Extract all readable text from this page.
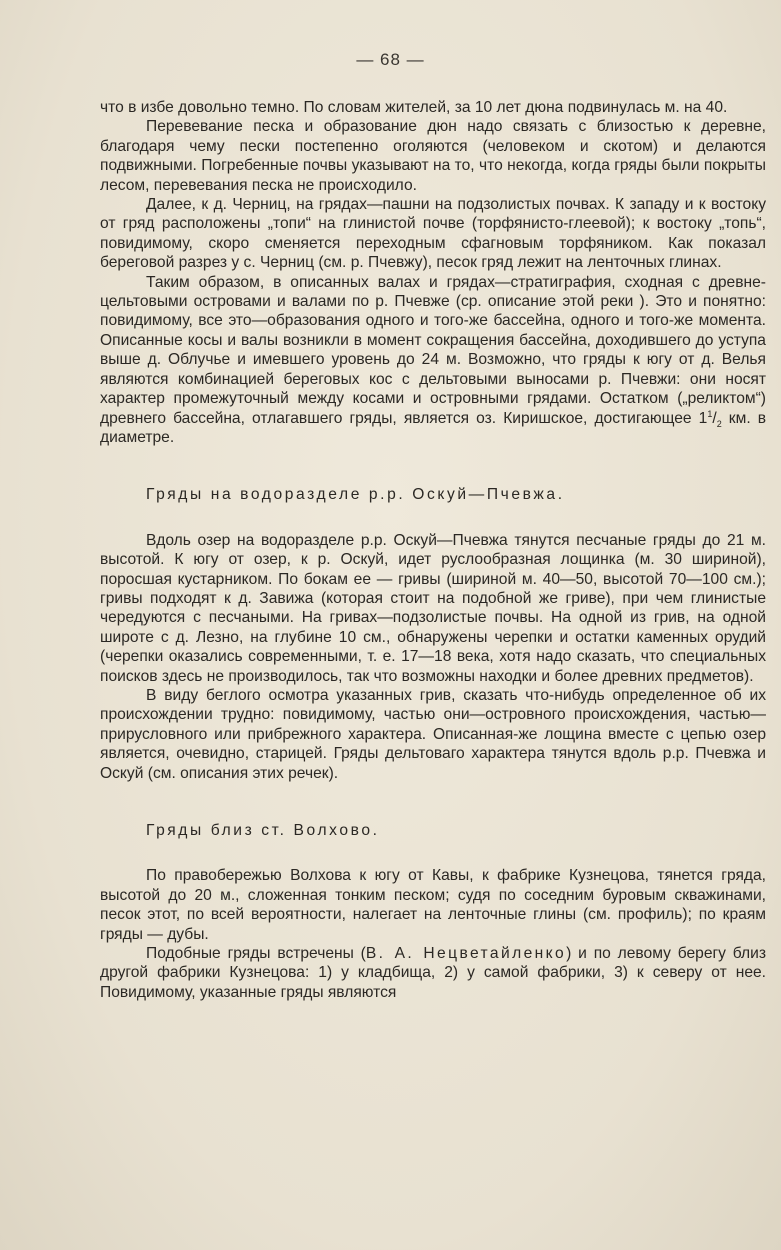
— 68 —

что в избе довольно темно. По словам жителей, за 10 лет дюна подвинулась м. на 40.

Перевевание песка и образование дюн надо связать с близостью к деревне, благодаря чему пески постепенно оголяются (человеком и скотом) и делаются подвижными. Погребенные почвы указывают на то, что некогда, когда гряды были покрыты лесом, перевевания песка не происходило.

Далее, к д. Черниц, на грядах—пашни на подзолистых почвах. К западу и к востоку от гряд расположены „топи“ на глинистой почве (торфянисто-глеевой); к востоку „топь“, повидимому, скоро сменяется переходным сфагновым торфяником. Как показал береговой разрез у с. Черниц (см. р. Пчевжу), песок гряд лежит на ленточных глинах.

Таким образом, в описанных валах и грядах—стратиграфия, сходная с древне-цельтовыми островами и валами по р. Пчевже (ср. описание этой реки ). Это и понятно: повидимому, все это—образования одного и того-же бассейна, одного и того-же момента. Описанные косы и валы возникли в момент сокращения бассейна, доходившего до уступа выше д. Облучье и имевшего уровень до 24 м. Возможно, что гряды к югу от д. Велья являются комбинацией береговых кос с дельтовыми выносами р. Пчевжи: они носят характер промежуточный между косами и островными грядами. Остатком („реликтом“) древнего бассейна, отлагавшего гряды, является оз. Киришское, достигающее $1^1/_2$ км. в диаметре.

Гряды на водоразделе р.р. Оскуй—Пчевжа.

Вдоль озер на водоразделе р.р. Оскуй—Пчевжа тянутся песчаные гряды до 21 м. высотой. К югу от озер, к р. Оскуй, идет руслообразная лощинка (м. 30 шириной), поросшая кустарником. По бокам ее — гривы (шириной м. 40—50, высотой 70—100 см.); гривы подходят к д. Завижа (которая стоит на подобной же гриве), при чем глинистые чередуются с песчаными. На гривах—подзолистые почвы. На одной из грив, на одной широте с д. Лезно, на глубине 10 см., обнаружены черепки и остатки каменных орудий (черепки оказались современными, т. е. 17—18 века, хотя надо сказать, что специальных поисков здесь не производилось, так что возможны находки и более древних предметов).

В виду беглого осмотра указанных грив, сказать что-нибудь определенное об их происхождении трудно: повидимому, частью они—островного происхождения, частью—прирусловного или прибрежного характера. Описанная-же лощина вместе с цепью озер является, очевидно, старицей. Гряды дельтоваго характера тянутся вдоль р.р. Пчевжа и Оскуй (см. описания этих речек).

Гряды близ ст. Волхово.

По правобережью Волхова к югу от Кавы, к фабрике Кузнецова, тянется гряда, высотой до 20 м., сложенная тонким песком; судя по соседним буровым скважинами, песок этот, по всей вероятности, налегает на ленточные глины (см. профиль); по краям гряды — дубы.

Подобные гряды встречены (В. А. Нецветайленко) и по левому берегу близ другой фабрики Кузнецова: 1) у кладбища, 2) у самой фабрики, 3) к северу от нее. Повидимому, указанные гряды являются
